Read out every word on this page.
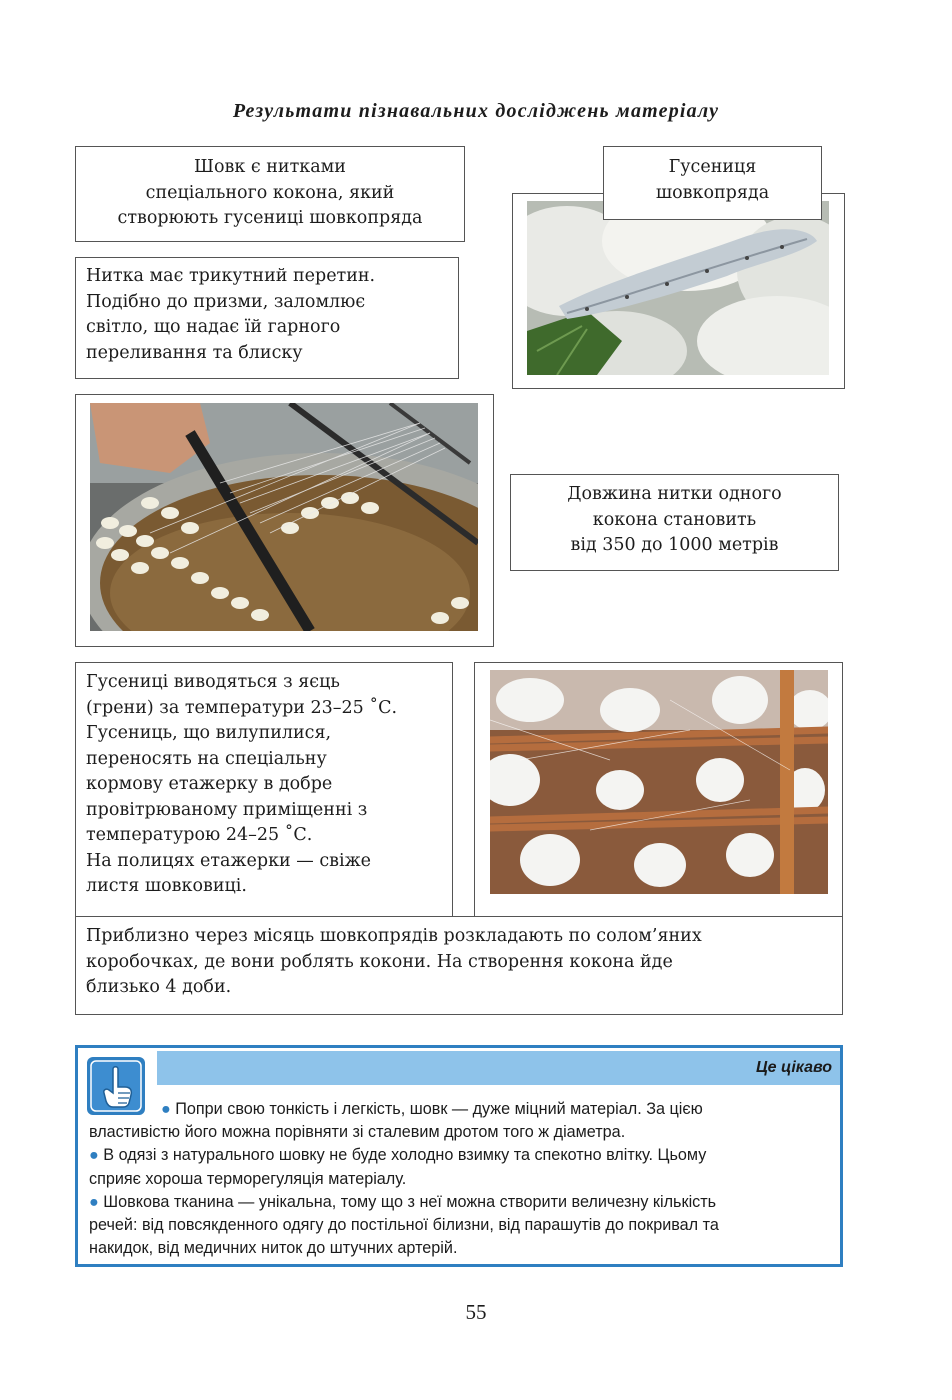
Результати пізнавальних досліджень матеріалу
Шовк є нитками
спеціального кокона, який
створюють гусениці шовкопряда
Гусениця
шовкопряда
Нитка має трикутний перетин.
Подібно до призми, заломлює
світло, що надає їй гарного
переливання та блиску
Довжина нитки одного
кокона становить
від 350 до 1000 метрів
Гусениці виводяться з яєць
(грени) за температури 23–25 ˚С.
Гусениць, що вилупилися,
переносять на спеціальну
кормову етажерку в добре
провітрюваному приміщенні з
температурою 24–25 ˚С.
На полицях етажерки — свіже
листя шовковиці.
Приблизно через місяць шовкопрядів розкладають по солом’яних
коробочках, де вони роблять кокони. На створення кокона йде
близько 4 доби.
Це цікаво

● Попри свою тонкість і легкість, шовк — дуже міцний матеріал. За цією

властивістю його можна порівняти зі сталевим дротом того ж діаметра.

● В одязі з натурального шовку не буде холодно взимку та спекотно влітку. Цьому

сприяє хороша терморегуляція матеріалу.

● Шовкова тканина — унікальна, тому що з неї можна створити величезну кількість

речей: від повсякденного одягу до постільної білизни, від парашутів до покривал та

накидок, від медичних ниток до штучних артерій.

55
